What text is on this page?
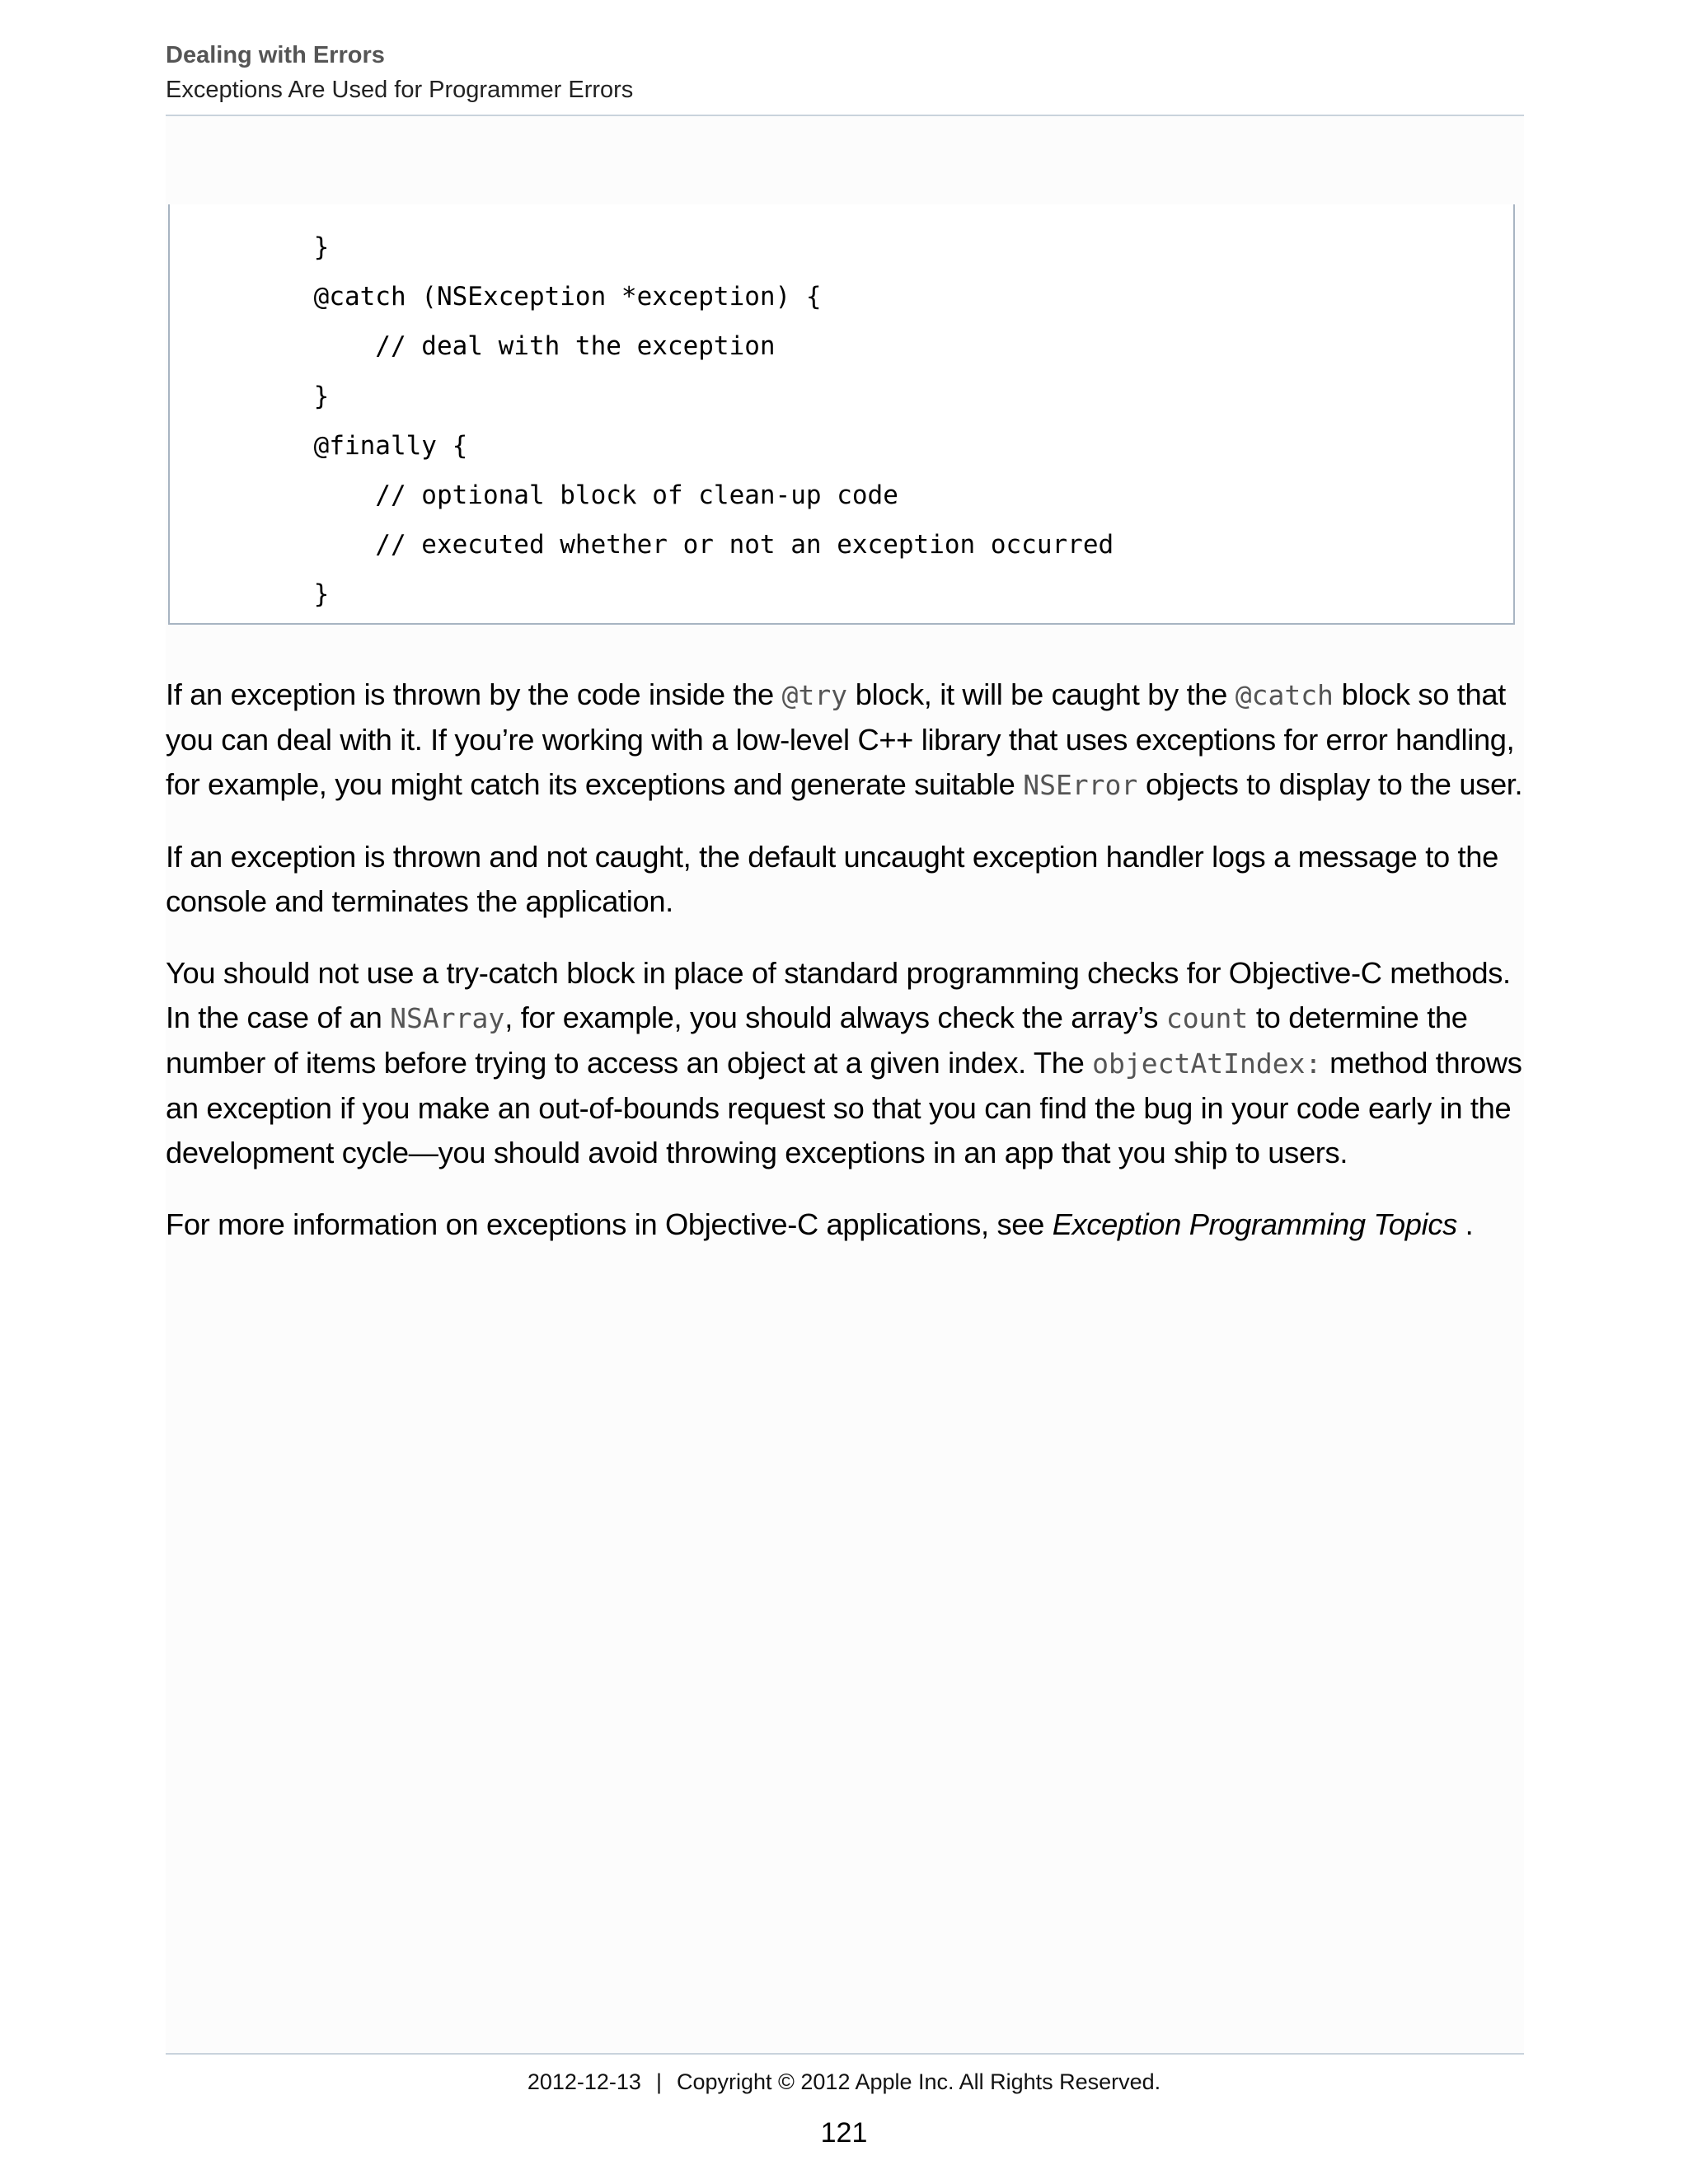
Dealing with Errors
Exceptions Are Used for Programmer Errors
}
@catch (NSException *exception) {
// deal with the exception
}
@finally {
// optional block of clean-up code
// executed whether or not an exception occurred
}

If an exception is thrown by the code inside the @try block, it will be caught by the @catch block so that you can deal with it. If you’re working with a low-level C++ library that uses exceptions for error handling, for example, you might catch its exceptions and generate suitable NSError objects to display to the user.

If an exception is thrown and not caught, the default uncaught exception handler logs a message to the console and terminates the application.

You should not use a try-catch block in place of standard programming checks for Objective-C methods. In the case of an NSArray, for example, you should always check the array’s count to determine the number of items before trying to access an object at a given index. The objectAtIndex: method throws an exception if you make an out-of-bounds request so that you can find the bug in your code early in the development cycle—you should avoid throwing exceptions in an app that you ship to users.

For more information on exceptions in Objective-C applications, see Exception Programming Topics .

2012-12-13 | Copyright © 2012 Apple Inc. All Rights Reserved.
121
